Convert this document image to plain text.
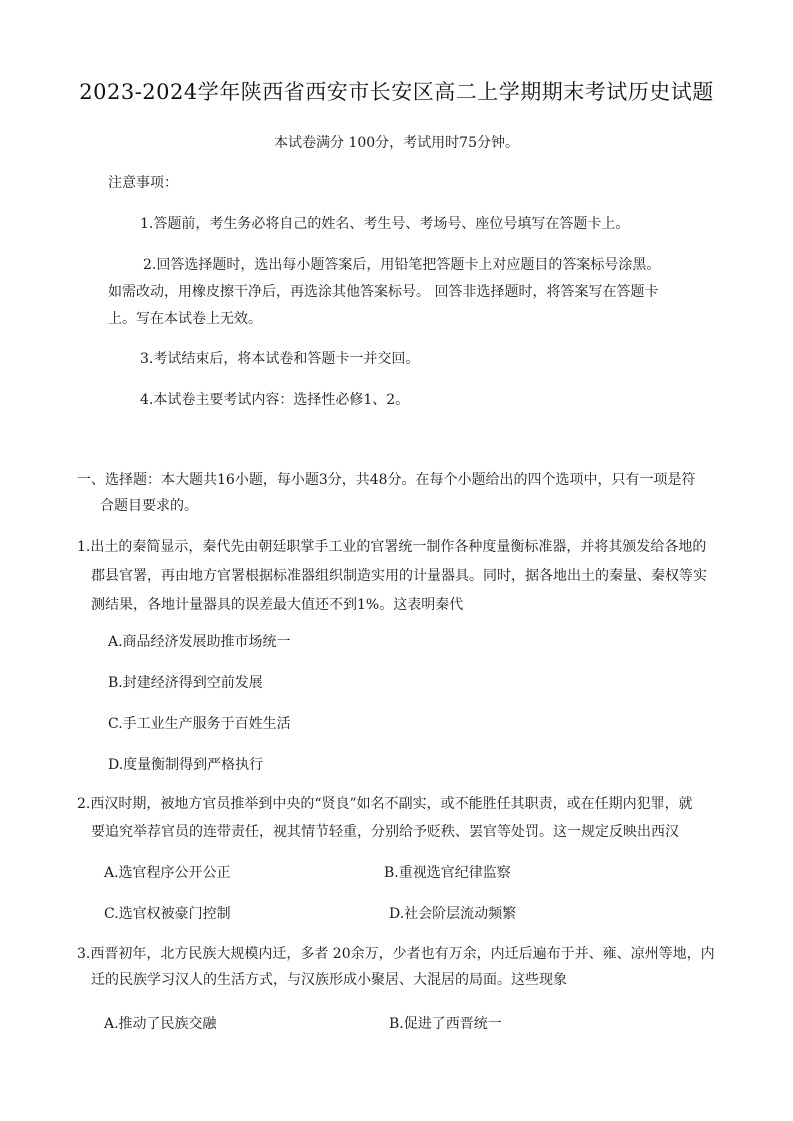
2023-2024学年陕西省西安市长安区高二上学期期末考试历史试题
本试卷满分 100分，考试用时75分钟。
注意事项：
1.答题前，考生务必将自己的姓名、考生号、考场号、座位号填写在答题卡上。
2.回答选择题时，选出每小题答案后，用铅笔把答题卡上对应题目的答案标号涂黑。
如需改动，用橡皮擦干净后，再选涂其他答案标号。 回答非选择题时，将答案写在答题卡
上。写在本试卷上无效。
3.考试结束后，将本试卷和答题卡一并交回。
4.本试卷主要考试内容：选择性必修1、2。
一、选择题：本大题共16小题，每小题3分，共48分。在每个小题给出的四个选项中，只有一项是符
合题目要求的。
1.出土的秦简显示，秦代先由朝廷职掌手工业的官署统一制作各种度量衡标准器，并将其颁发给各地的
郡县官署，再由地方官署根据标准器组织制造实用的计量器具。同时，据各地出土的秦量、秦权等实
测结果，各地计量器具的误差最大值还不到1%。这表明秦代
A.商品经济发展助推市场统一
B.封建经济得到空前发展
C.手工业生产服务于百姓生活
D.度量衡制得到严格执行
2.西汉时期，被地方官员推举到中央的“贤良”如名不副实，或不能胜任其职责，或在任期内犯罪，就
要追究举荐官员的连带责任，视其情节轻重，分别给予贬秩、罢官等处罚。这一规定反映出西汉
A.选官程序公开公正	B.重视选官纪律监察
C.选官权被豪门控制	D.社会阶层流动频繁
3.西晋初年，北方民族大规模内迁，多者 20余万，少者也有万余，内迁后遍布于并、雍、凉州等地，内
迁的民族学习汉人的生活方式，与汉族形成小聚居、大混居的局面。这些现象
A.推动了民族交融	B.促进了西晋统一
